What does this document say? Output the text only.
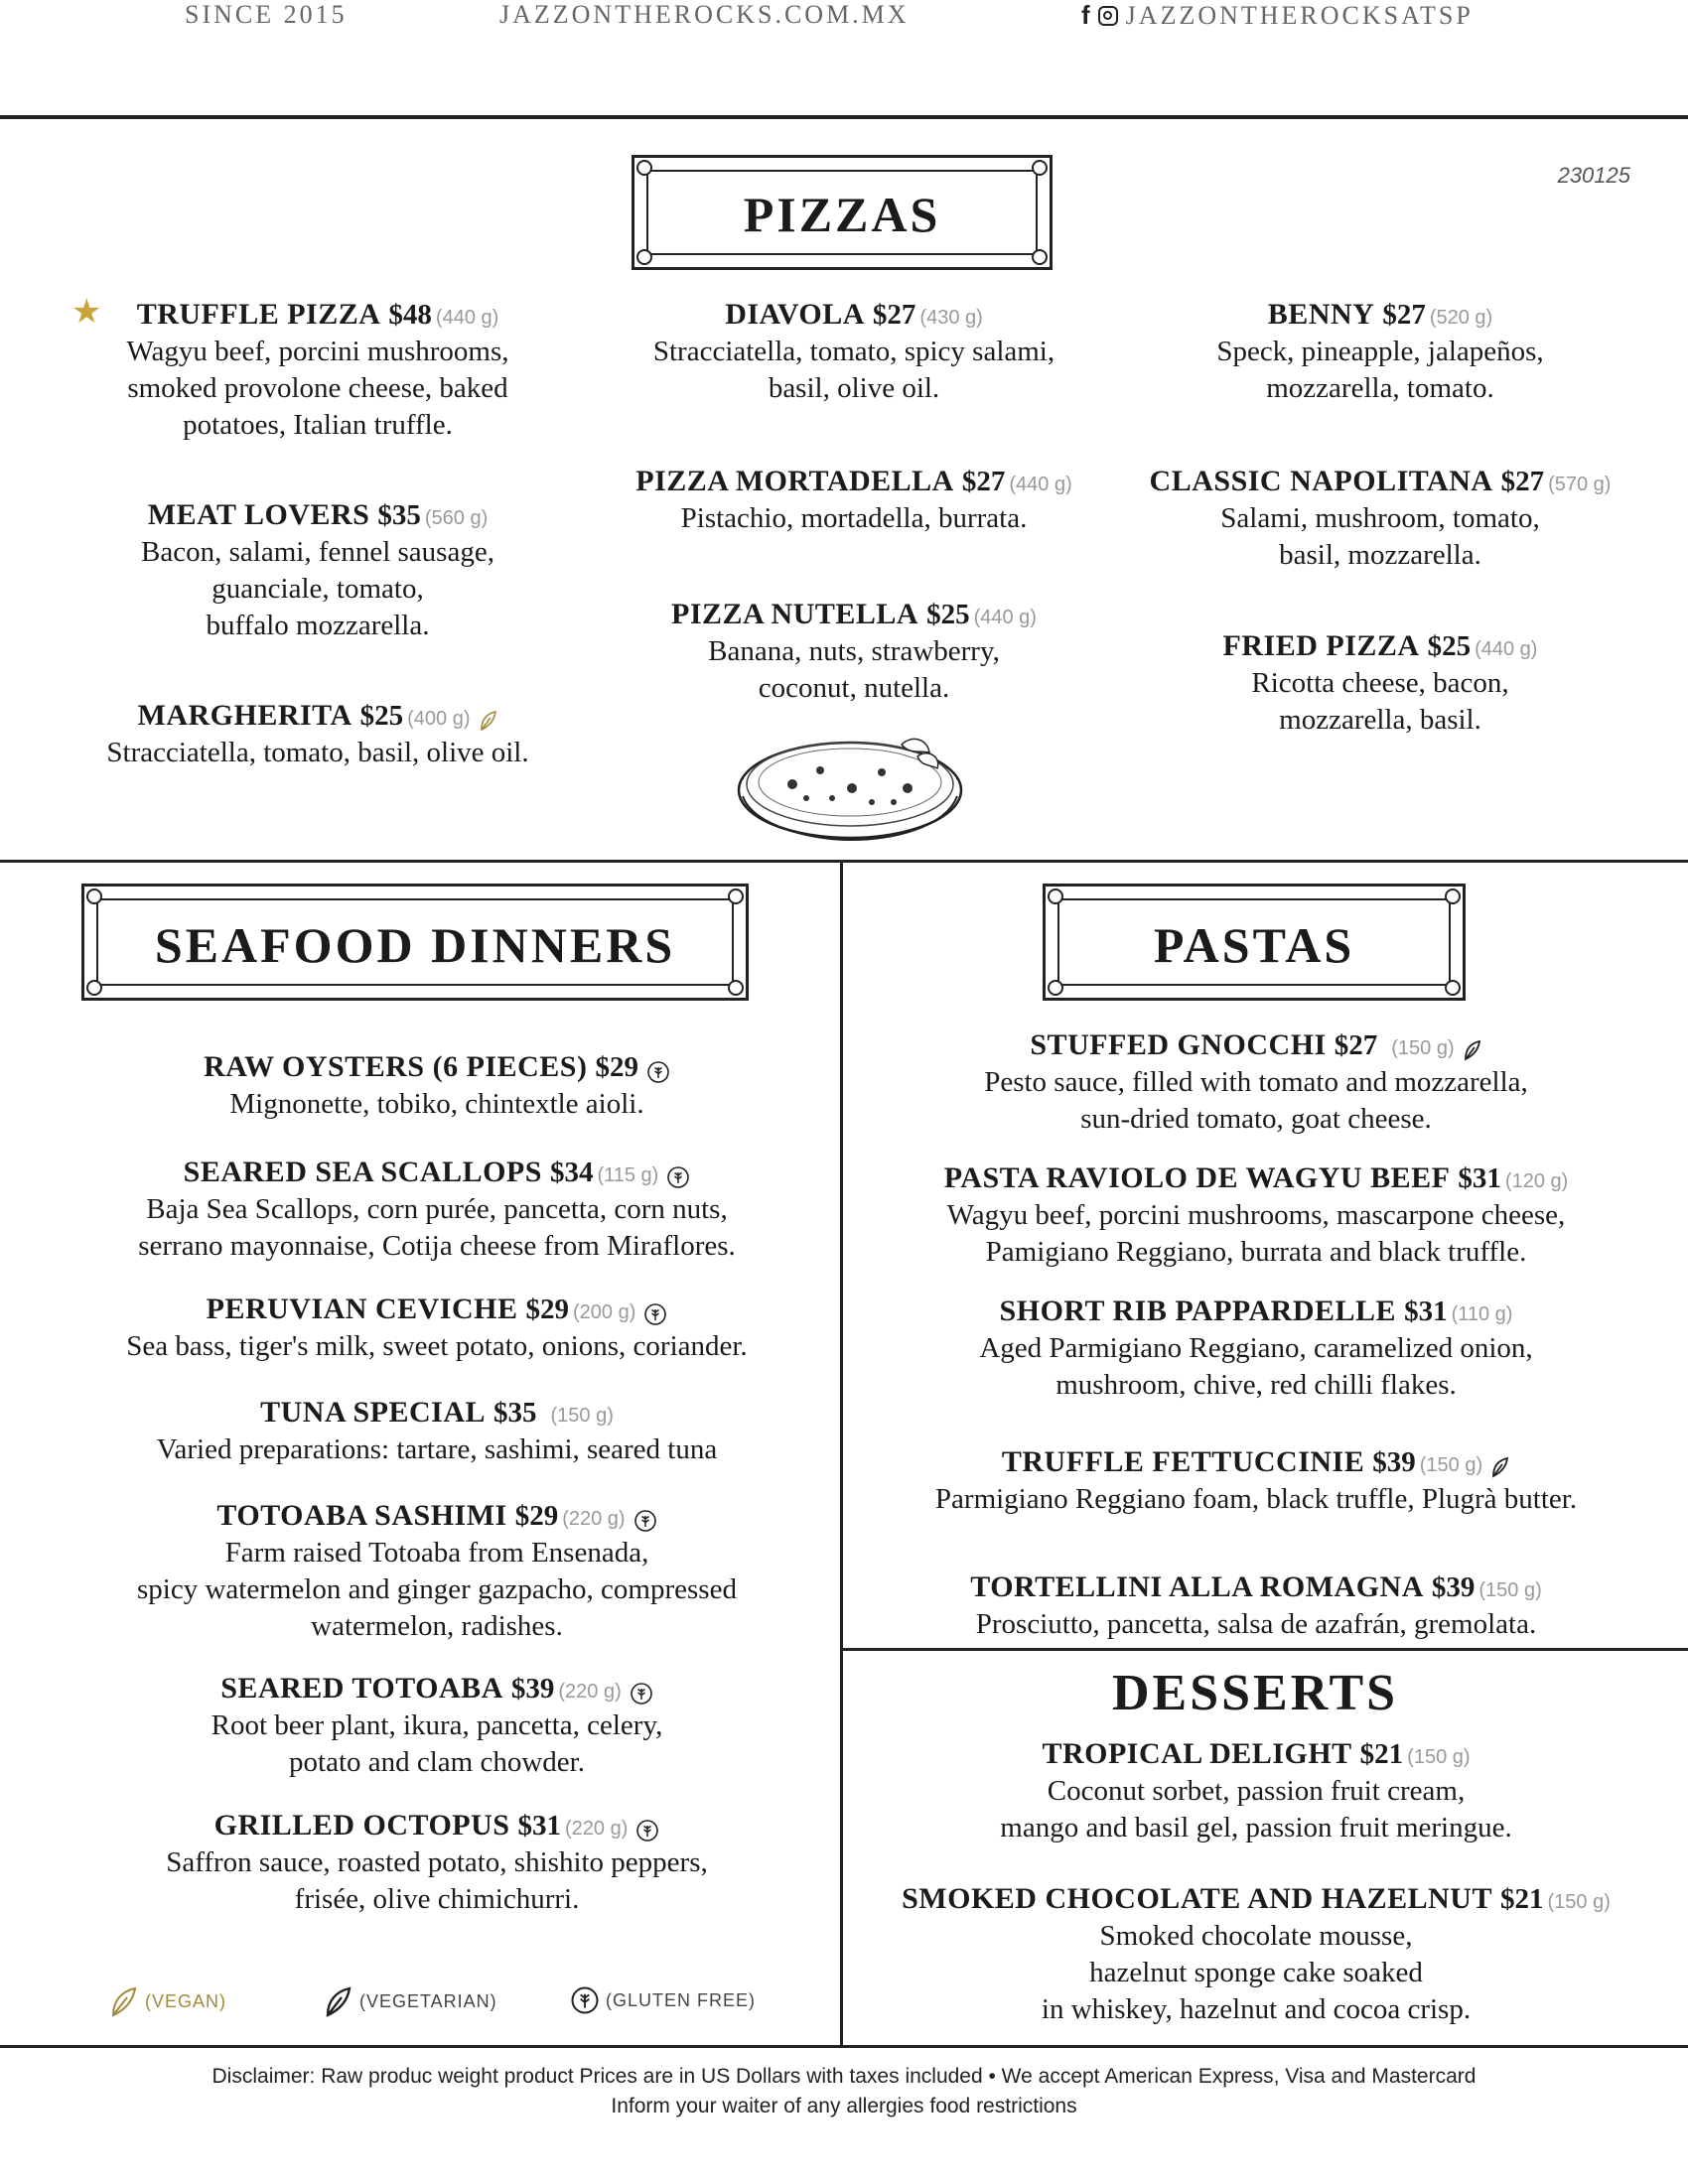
SINCE 2015	JAZZONTHEROCKS.COM.MX	f JAZZONTHEROCKSATSP
230125
PIZZAS
★ TRUFFLE PIZZA $48 (440 g)
Wagyu beef, porcini mushrooms,
smoked provolone cheese, baked
potatoes, Italian truffle.
MEAT LOVERS $35 (560 g)
Bacon, salami, fennel sausage,
guanciale, tomato,
buffalo mozzarella.
MARGHERITA $25 (400 g)
Stracciatella, tomato, basil, olive oil.
DIAVOLA $27 (430 g)
Stracciatella, tomato, spicy salami,
basil, olive oil.
PIZZA MORTADELLA $27 (440 g)
Pistachio, mortadella, burrata.
PIZZA NUTELLA $25 (440 g)
Banana, nuts, strawberry,
coconut, nutella.
BENNY $27 (520 g)
Speck, pineapple, jalapeños,
mozzarella, tomato.
CLASSIC NAPOLITANA $27 (570 g)
Salami, mushroom, tomato,
basil, mozzarella.
FRIED PIZZA $25 (440 g)
Ricotta cheese, bacon,
mozzarella, basil.
SEAFOOD DINNERS
RAW OYSTERS (6 PIECES) $29
Mignonette, tobiko, chintextle aioli.
SEARED SEA SCALLOPS $34 (115 g)
Baja Sea Scallops, corn purée, pancetta, corn nuts,
serrano mayonnaise, Cotija cheese from Miraflores.
PERUVIAN CEVICHE $29 (200 g)
Sea bass, tiger's milk, sweet potato, onions, coriander.
TUNA SPECIAL $35 (150 g)
Varied preparations: tartare, sashimi, seared tuna
TOTOABA SASHIMI $29 (220 g)
Farm raised Totoaba from Ensenada,
spicy watermelon and ginger gazpacho, compressed
watermelon, radishes.
SEARED TOTOABA $39 (220 g)
Root beer plant, ikura, pancetta, celery,
potato and clam chowder.
GRILLED OCTOPUS $31 (220 g)
Saffron sauce, roasted potato, shishito peppers,
frisée, olive chimichurri.
(VEGAN)	(VEGETARIAN)	(GLUTEN FREE)
PASTAS
STUFFED GNOCCHI $27 (150 g)
Pesto sauce, filled with tomato and mozzarella,
sun-dried tomato, goat cheese.
PASTA RAVIOLO DE WAGYU BEEF $31 (120 g)
Wagyu beef, porcini mushrooms, mascarpone cheese,
Pamigiano Reggiano, burrata and black truffle.
SHORT RIB PAPPARDELLE $31 (110 g)
Aged Parmigiano Reggiano, caramelized onion,
mushroom, chive, red chilli flakes.
TRUFFLE FETTUCCINIE $39 (150 g)
Parmigiano Reggiano foam, black truffle, Plugrà butter.
TORTELLINI ALLA ROMAGNA $39 (150 g)
Prosciutto, pancetta, salsa de azafrán, gremolata.
DESSERTS
TROPICAL DELIGHT $21 (150 g)
Coconut sorbet, passion fruit cream,
mango and basil gel, passion fruit meringue.
SMOKED CHOCOLATE AND HAZELNUT $21 (150 g)
Smoked chocolate mousse,
hazelnut sponge cake soaked
in whiskey, hazelnut and cocoa crisp.
Disclaimer: Raw produc weight product Prices are in US Dollars with taxes included • We accept American Express, Visa and Mastercard
Inform your waiter of any allergies food restrictions
